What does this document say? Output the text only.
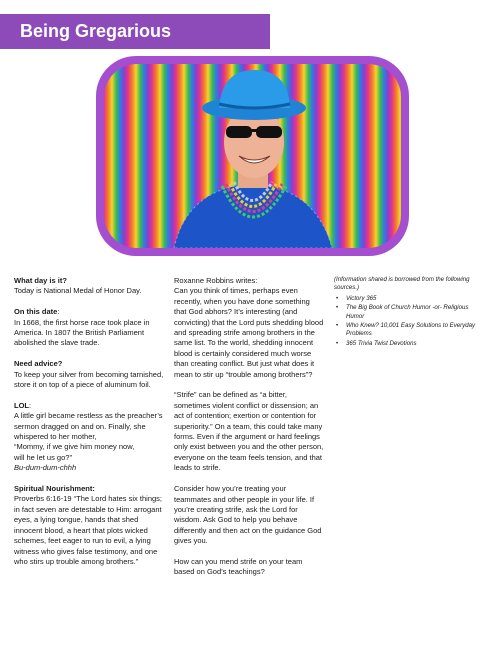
Being Gregarious
What day is it?
Today is National Medal of Honor Day.
On this date:
In 1668, the first horse race took place in America. In 1807 the British Parliament abolished the slave trade.
Need advice?
To keep your silver from becoming tarnished, store it on top of a piece of aluminum foil.
LOL:
A little girl became restless as the preacher’s sermon dragged on and on. Finally, she whispered to her mother,
“Mommy, if we give him money now,
will he let us go?”
Bu-dum-dum-chhh
Spiritual Nourishment:
Proverbs 6:16-19 “The Lord hates six things; in fact seven are detestable to Him: arrogant eyes, a lying tongue, hands that shed innocent blood, a heart that plots wicked schemes, feet eager to run to evil, a lying witness who gives false testimony, and one who stirs up trouble among brothers.”
Roxanne Robbins writes:
Can you think of times, perhaps even recently, when you have done something that God abhors? It’s interesting (and convicting) that the Lord puts shedding blood and spreading strife among brothers in the same list. To the world, shedding innocent blood is certainly considered much worse than creating conflict. But just what does it mean to stir up “trouble among brothers”?
“Strife” can be defined as “a bitter, sometimes violent conflict or dissension; an act of contention; exertion or contention for superiority.” On a team, this could take many forms. Even if the argument or hard feelings only exist between you and the other person, everyone on the team feels tension, and that leads to strife.
Consider how you’re treating your teammates and other people in your life. If you’re creating strife, ask the Lord for wisdom. Ask God to help you behave differently and then act on the guidance God gives you.
How can you mend strife on your team based on God’s teachings?
(Information shared is borrowed from the following sources.)
• Victory 365
• The Big Book of Church Humor -or- Religious Humor
• Who Knew? 10,001 Easy Solutions to Everyday Problems
• 365 Trivia Twist Devotions
